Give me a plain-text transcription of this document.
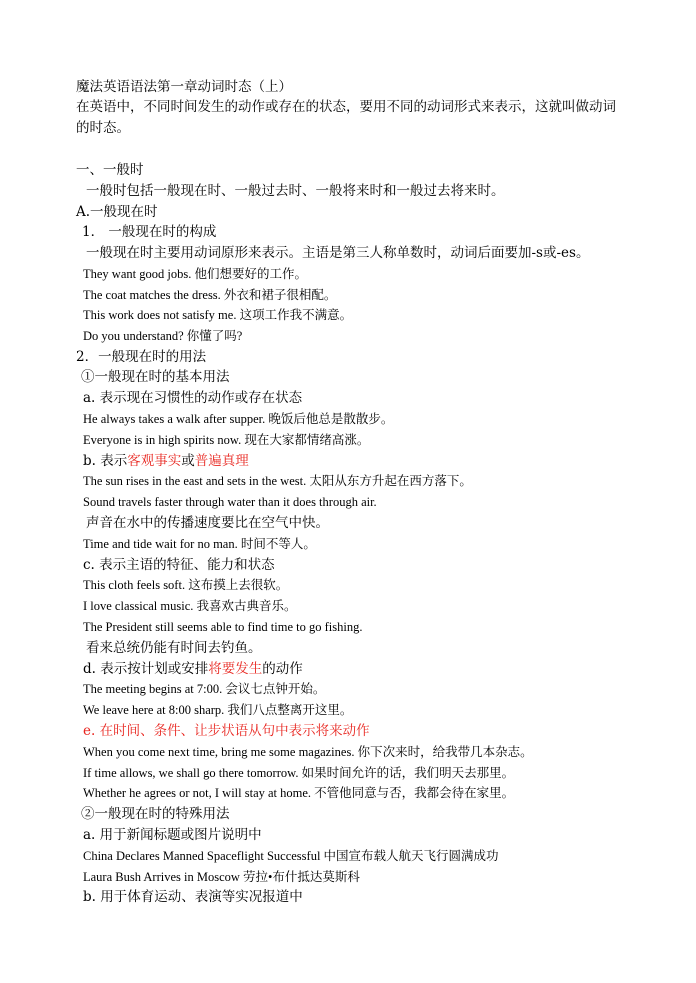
魔法英语语法第一章动词时态（上）
在英语中，不同时间发生的动作或存在的状态，要用不同的动词形式来表示，这就叫做动词的时态。
一、一般时
一般时包括一般现在时、一般过去时、一般将来时和一般过去将来时。
A.一般现在时
1． 一般现在时的构成
一般现在时主要用动词原形来表示。主语是第三人称单数时，动词后面要加-s或-es。
They want good jobs. 他们想要好的工作。
The coat matches the dress. 外衣和裙子很相配。
This work does not satisfy me. 这项工作我不满意。
Do you understand? 你懂了吗?
2．一般现在时的用法
①一般现在时的基本用法
a. 表示现在习惯性的动作或存在状态
He always takes a walk after supper. 晚饭后他总是散散步。
Everyone is in high spirits now. 现在大家都情绪高涨。
b. 表示客观事实或普遍真理
The sun rises in the east and sets in the west. 太阳从东方升起在西方落下。
Sound travels faster through water than it does through air.
声音在水中的传播速度要比在空气中快。
Time and tide wait for no man. 时间不等人。
c. 表示主语的特征、能力和状态
This cloth feels soft. 这布摸上去很软。
I love classical music. 我喜欢古典音乐。
The President still seems able to find time to go fishing.
看来总统仍能有时间去钓鱼。
d. 表示按计划或安排将要发生的动作
The meeting begins at 7:00. 会议七点钟开始。
We leave here at 8:00 sharp. 我们八点整离开这里。
e. 在时间、条件、让步状语从句中表示将来动作
When you come next time, bring me some magazines. 你下次来时，给我带几本杂志。
If time allows, we shall go there tomorrow. 如果时间允许的话，我们明天去那里。
Whether he agrees or not, I will stay at home. 不管他同意与否，我都会待在家里。
②一般现在时的特殊用法
a. 用于新闻标题或图片说明中
China Declares Manned Spaceflight Successful 中国宣布载人航天飞行圆满成功
Laura Bush Arrives in Moscow 劳拉•布什抵达莫斯科
b. 用于体育运动、表演等实况报道中
